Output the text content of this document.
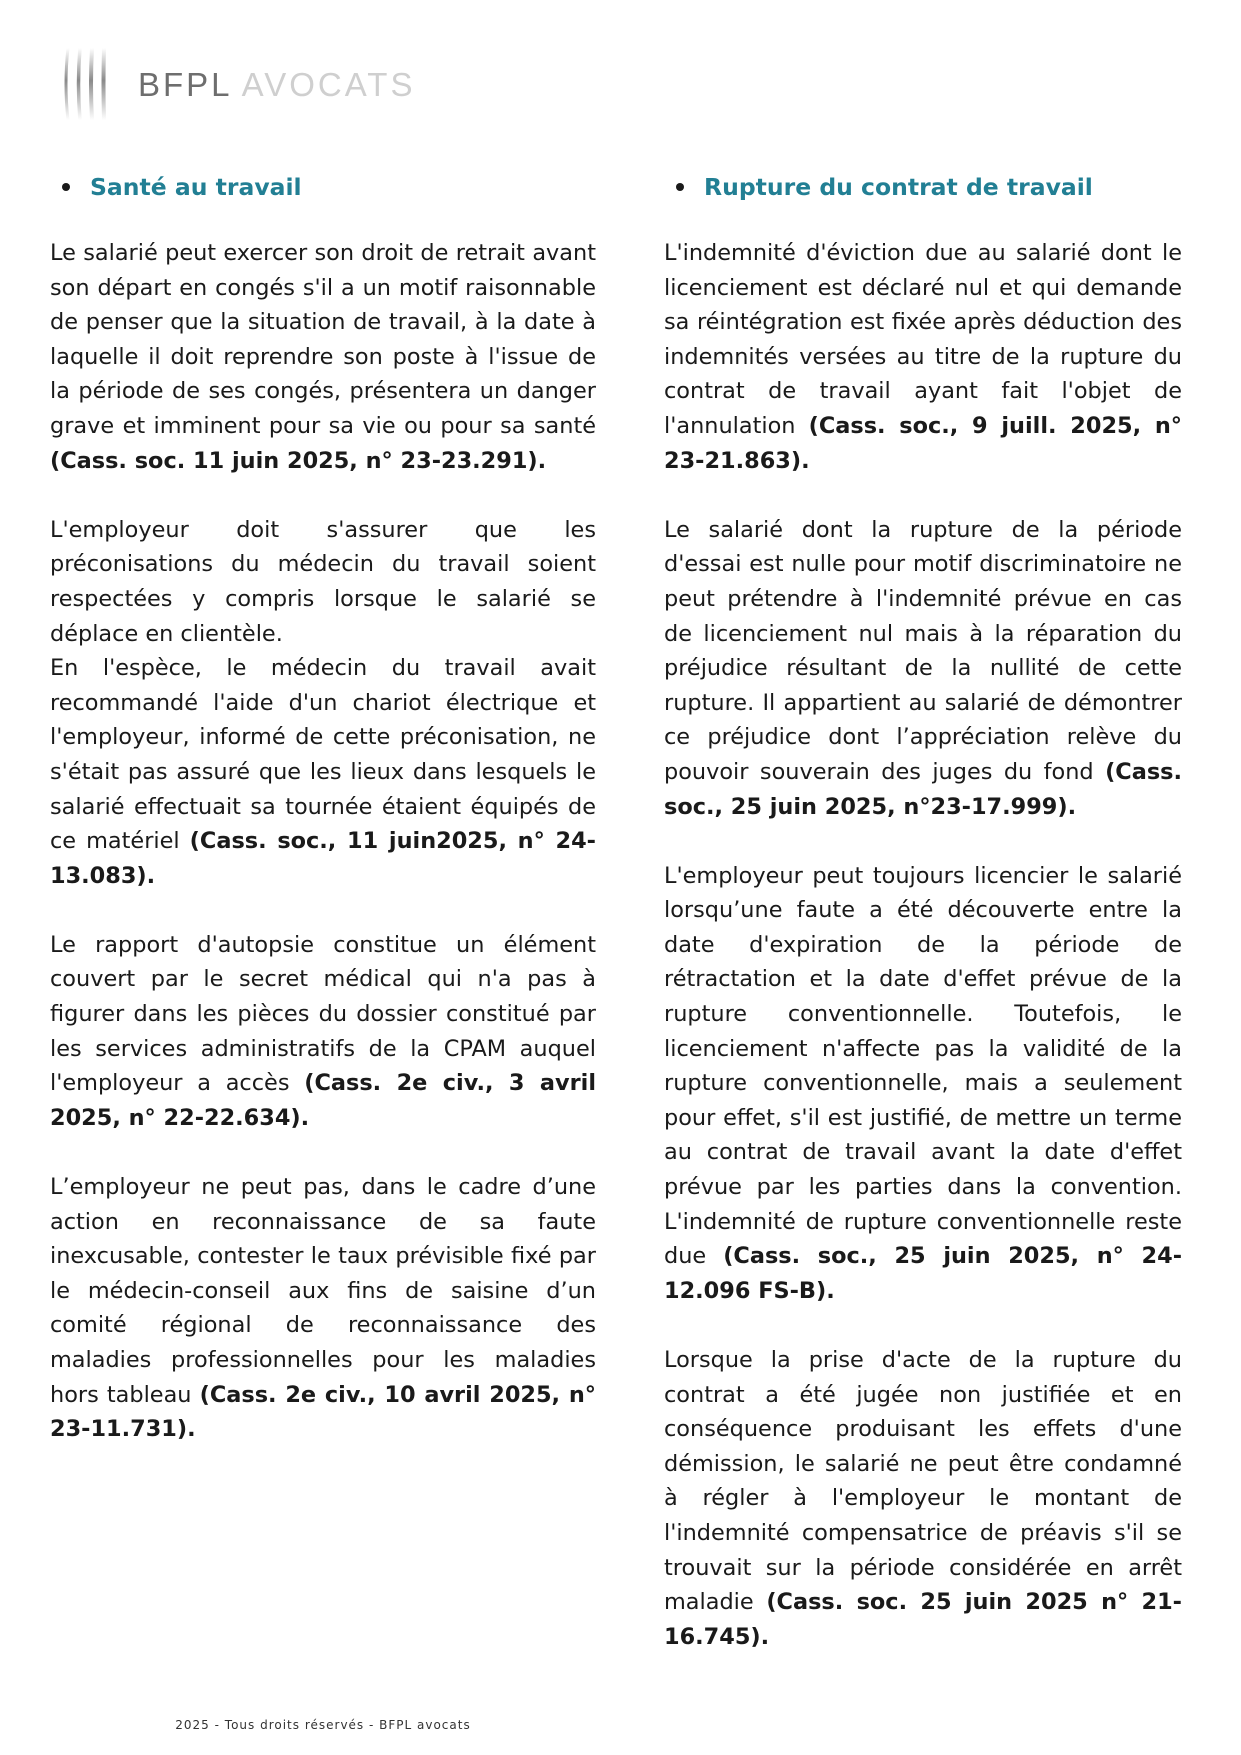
BFPL AVOCATS
Santé au travail

Le salarié peut exercer son droit de retrait avant son départ en congés s'il a un motif raisonnable de penser que la situation de travail, à la date à laquelle il doit reprendre son poste à l'issue de la période de ses congés, présentera un danger grave et imminent pour sa vie ou pour sa santé (Cass. soc. 11 juin 2025, n° 23-23.291).

L'employeur doit s'assurer que les préconisations du médecin du travail soient respectées y compris lorsque le salarié se déplace en clientèle.

En l'espèce, le médecin du travail avait recommandé l'aide d'un chariot électrique et l'employeur, informé de cette préconisation, ne s'était pas assuré que les lieux dans lesquels le salarié effectuait sa tournée étaient équipés de ce matériel (Cass. soc., 11 juin2025, n° 24-13.083).

Le rapport d'autopsie constitue un élément couvert par le secret médical qui n'a pas à figurer dans les pièces du dossier constitué par les services administratifs de la CPAM auquel l'employeur a accès (Cass. 2e civ., 3 avril 2025, n° 22-22.634).

L’employeur ne peut pas, dans le cadre d’une action en reconnaissance de sa faute inexcusable, contester le taux prévisible fixé par le médecin-conseil aux fins de saisine d’un comité régional de reconnaissance des maladies professionnelles pour les maladies hors tableau (Cass. 2e civ., 10 avril 2025, n° 23-11.731).

Rupture du contrat de travail

L'indemnité d'éviction due au salarié dont le licenciement est déclaré nul et qui demande sa réintégration est fixée après déduction des indemnités versées au titre de la rupture du contrat de travail ayant fait l'objet de l'annulation (Cass. soc., 9 juill. 2025, n° 23-21.863).

Le salarié dont la rupture de la période d'essai est nulle pour motif discriminatoire ne peut prétendre à l'indemnité prévue en cas de licenciement nul mais à la réparation du préjudice résultant de la nullité de cette rupture. Il appartient au salarié de démontrer ce préjudice dont l’appréciation relève du pouvoir souverain des juges du fond (Cass. soc., 25 juin 2025, n°23-17.999).

L'employeur peut toujours licencier le salarié lorsqu’une faute a été découverte entre la date d'expiration de la période de rétractation et la date d'effet prévue de la rupture conventionnelle. Toutefois, le licenciement n'affecte pas la validité de la rupture conventionnelle, mais a seulement pour effet, s'il est justifié, de mettre un terme au contrat de travail avant la date d'effet prévue par les parties dans la convention. L'indemnité de rupture conventionnelle reste due (Cass. soc., 25 juin 2025, n° 24-12.096 FS-B).

Lorsque la prise d'acte de la rupture du contrat a été jugée non justifiée et en conséquence produisant les effets d'une démission, le salarié ne peut être condamné à régler à l'employeur le montant de l'indemnité compensatrice de préavis s'il se trouvait sur la période considérée en arrêt maladie (Cass. soc. 25 juin 2025 n° 21-16.745).

2025 - Tous droits réservés - BFPL avocats
